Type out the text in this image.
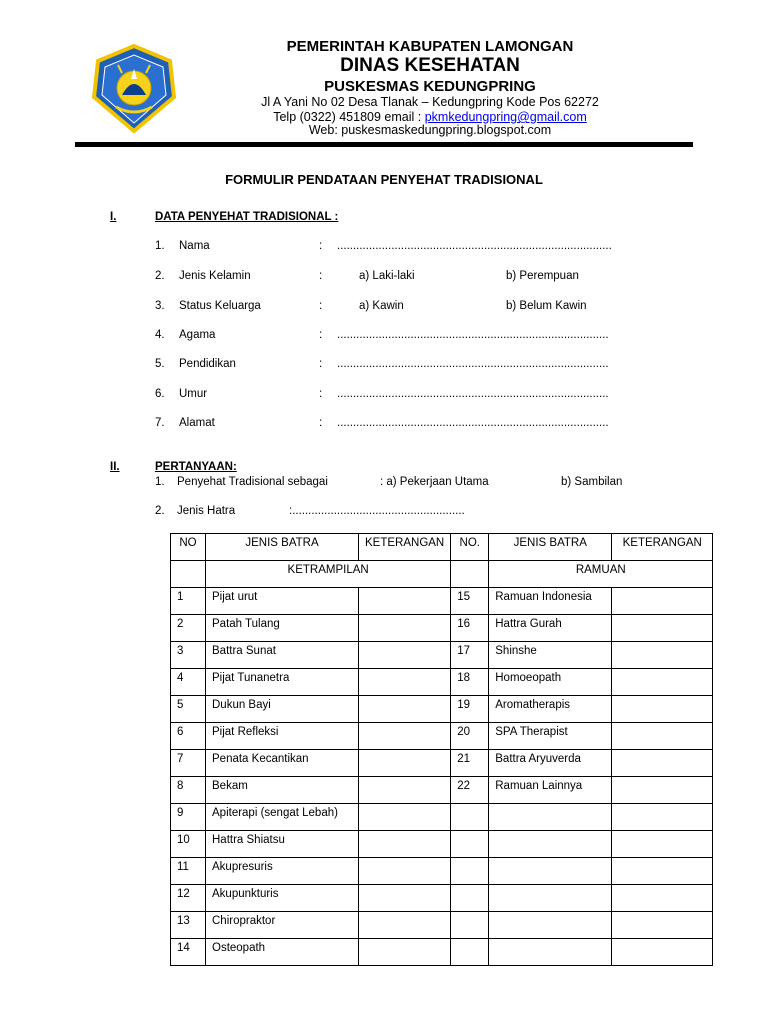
PEMERINTAH KABUPATEN LAMONGAN
DINAS KESEHATAN
PUSKESMAS KEDUNGPRING
Jl A Yani No 02 Desa Tlanak – Kedungpring Kode Pos 62272
Telp (0322) 451809 email : pkmkedungpring@gmail.com
Web: puskesmaskedungpring.blogspot.com
FORMULIR PENDATAAN PENYEHAT TRADISIONAL
I.	DATA PENYEHAT TRADISIONAL :
1. Nama	: ......................................................................................
2. Jenis Kelamin	:	a) Laki-laki	b) Perempuan
3. Status Keluarga	:	a) Kawin	b) Belum Kawin
4. Agama	: .....................................................................................
5. Pendidikan	: .....................................................................................
6. Umur	: .....................................................................................
7. Alamat	: .....................................................................................
II.	PERTANYAAN:
1. Penyehat Tradisional sebagai	: a) Pekerjaan Utama	b) Sambilan
2. Jenis Hatra	:......................................................
NO	JENIS BATRA	KETERANGAN	NO.	JENIS BATRA	KETERANGAN
	KETRAMPILAN			RAMUAN	
1	Pijat urut		15	Ramuan Indonesia	
2	Patah Tulang		16	Hattra Gurah	
3	Battra Sunat		17	Shinshe	
4	Pijat Tunanetra		18	Homoeopath	
5	Dukun Bayi		19	Aromatherapis	
6	Pijat Refleksi		20	SPA Therapist	
7	Penata Kecantikan		21	Battra Aryuverda	
8	Bekam		22	Ramuan Lainnya	
9	Apiterapi (sengat Lebah)				
10	Hattra Shiatsu				
11	Akupresuris				
12	Akupunkturis				
13	Chiropraktor				
14	Osteopath				
